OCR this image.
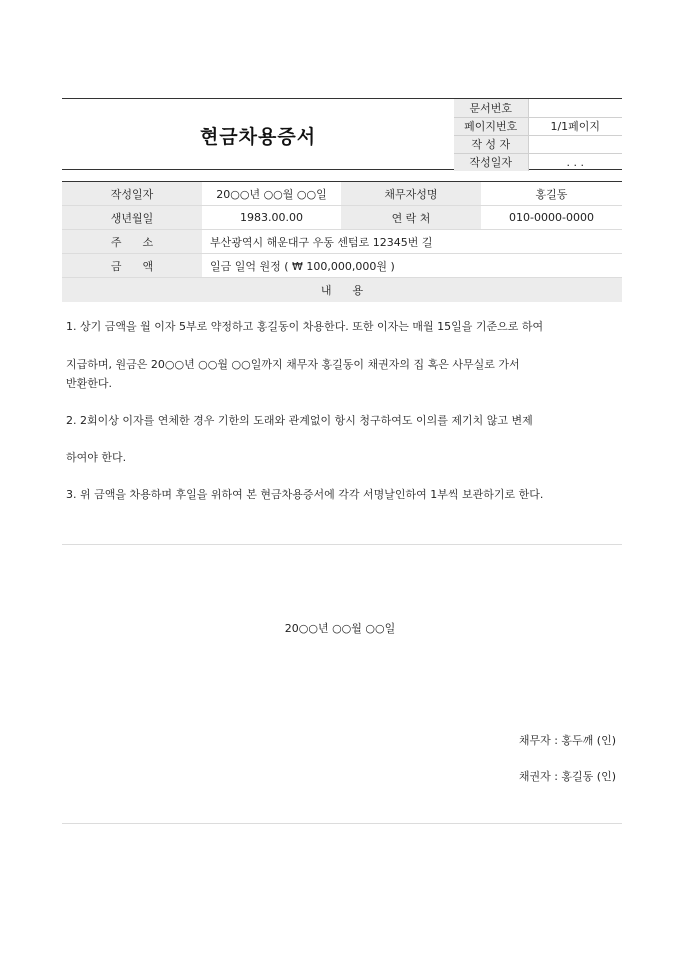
현금차용증서
문서번호	
페이지번호	1/1페이지
작 성 자	
작성일자	. . .
작성일자	20○○년 ○○월 ○○일	채무자성명	홍길동
생년월일	1983.00.00	연 락 처	010-0000-0000
주      소	부산광역시 해운대구 우동 센텀로 12345번 길		
금      액	일금 일억 원정 ( ₩ 100,000,000원 )		
내      용			
1. 상기 금액을 월 이자 5부로 약정하고 홍길동이 차용한다. 또한 이자는 매월 15일을 기준으로 하여
지급하며, 원금은 20○○년 ○○월 ○○일까지 채무자 홍길동이 채권자의 집 혹은 사무실로 가서
반환한다.
2. 2회이상 이자를 연체한 경우 기한의 도래와 관계없이 항시 청구하여도 이의를 제기치 않고 변제
하여야 한다.
3. 위 금액을 차용하며 후일을 위하여 본 현금차용증서에 각각 서명날인하여 1부씩 보관하기로 한다.
20○○년 ○○월 ○○일
채무자 : 홍두깨 (인)
채권자 : 홍길동 (인)
